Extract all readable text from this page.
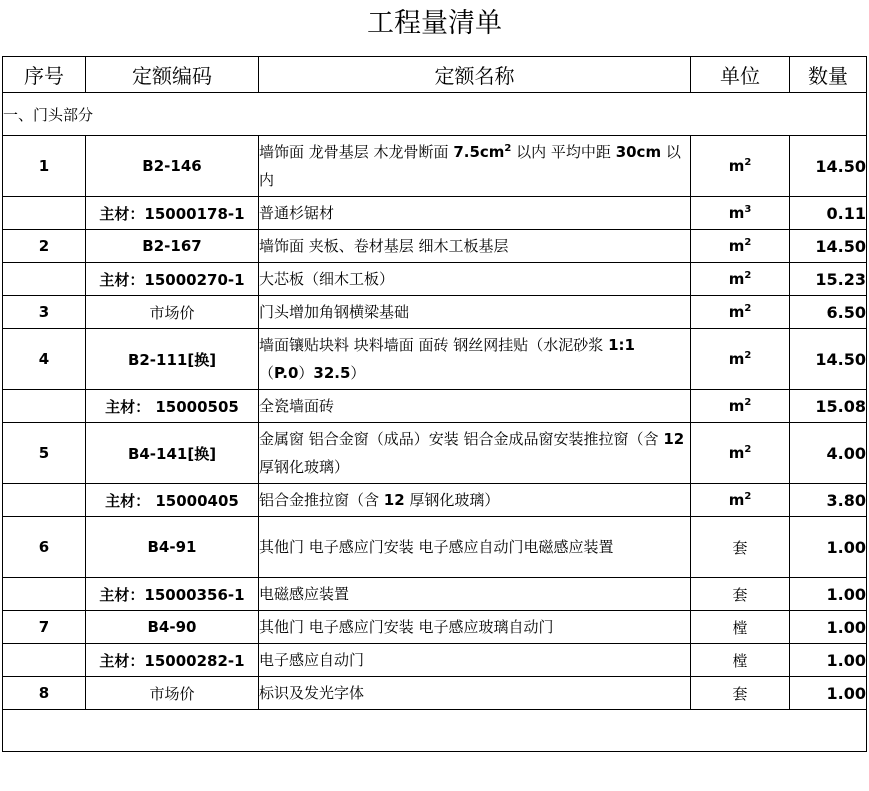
工程量清单
序号	定额编码	定额名称	单位	数量
一、门头部分				
1	B2-146	墙饰面 龙骨基层 木龙骨断面 $7.5cm^2$ 以内 平均中距 30cm 以内	$m^2$	14.50
	主材：15000178-1	普通杉锯材	$m^3$	0.11
2	B2-167	墙饰面 夹板、卷材基层 细木工板基层	$m^2$	14.50
	主材：15000270-1	大芯板（细木工板）	$m^2$	15.23
3	市场价	门头增加角钢横梁基础	$m^2$	6.50
4	B2-111[换]	墙面镶贴块料 块料墙面 面砖 钢丝网挂贴（水泥砂浆 1:1 （P.0）32.5）	$m^2$	14.50
	主材： 15000505	全瓷墙面砖	$m^2$	15.08
5	B4-141[换]	金属窗 铝合金窗（成品）安装 铝合金成品窗安装推拉窗（含 12 厚钢化玻璃）	$m^2$	4.00
	主材： 15000405	铝合金推拉窗（含 12 厚钢化玻璃）	$m^2$	3.80
6	B4-91	其他门 电子感应门安装 电子感应自动门电磁感应装置	套	1.00
	主材：15000356-1	电磁感应装置	套	1.00
7	B4-90	其他门 电子感应门安装 电子感应玻璃自动门	樘	1.00
	主材：15000282-1	电子感应自动门	樘	1.00
8	市场价	标识及发光字体	套	1.00
